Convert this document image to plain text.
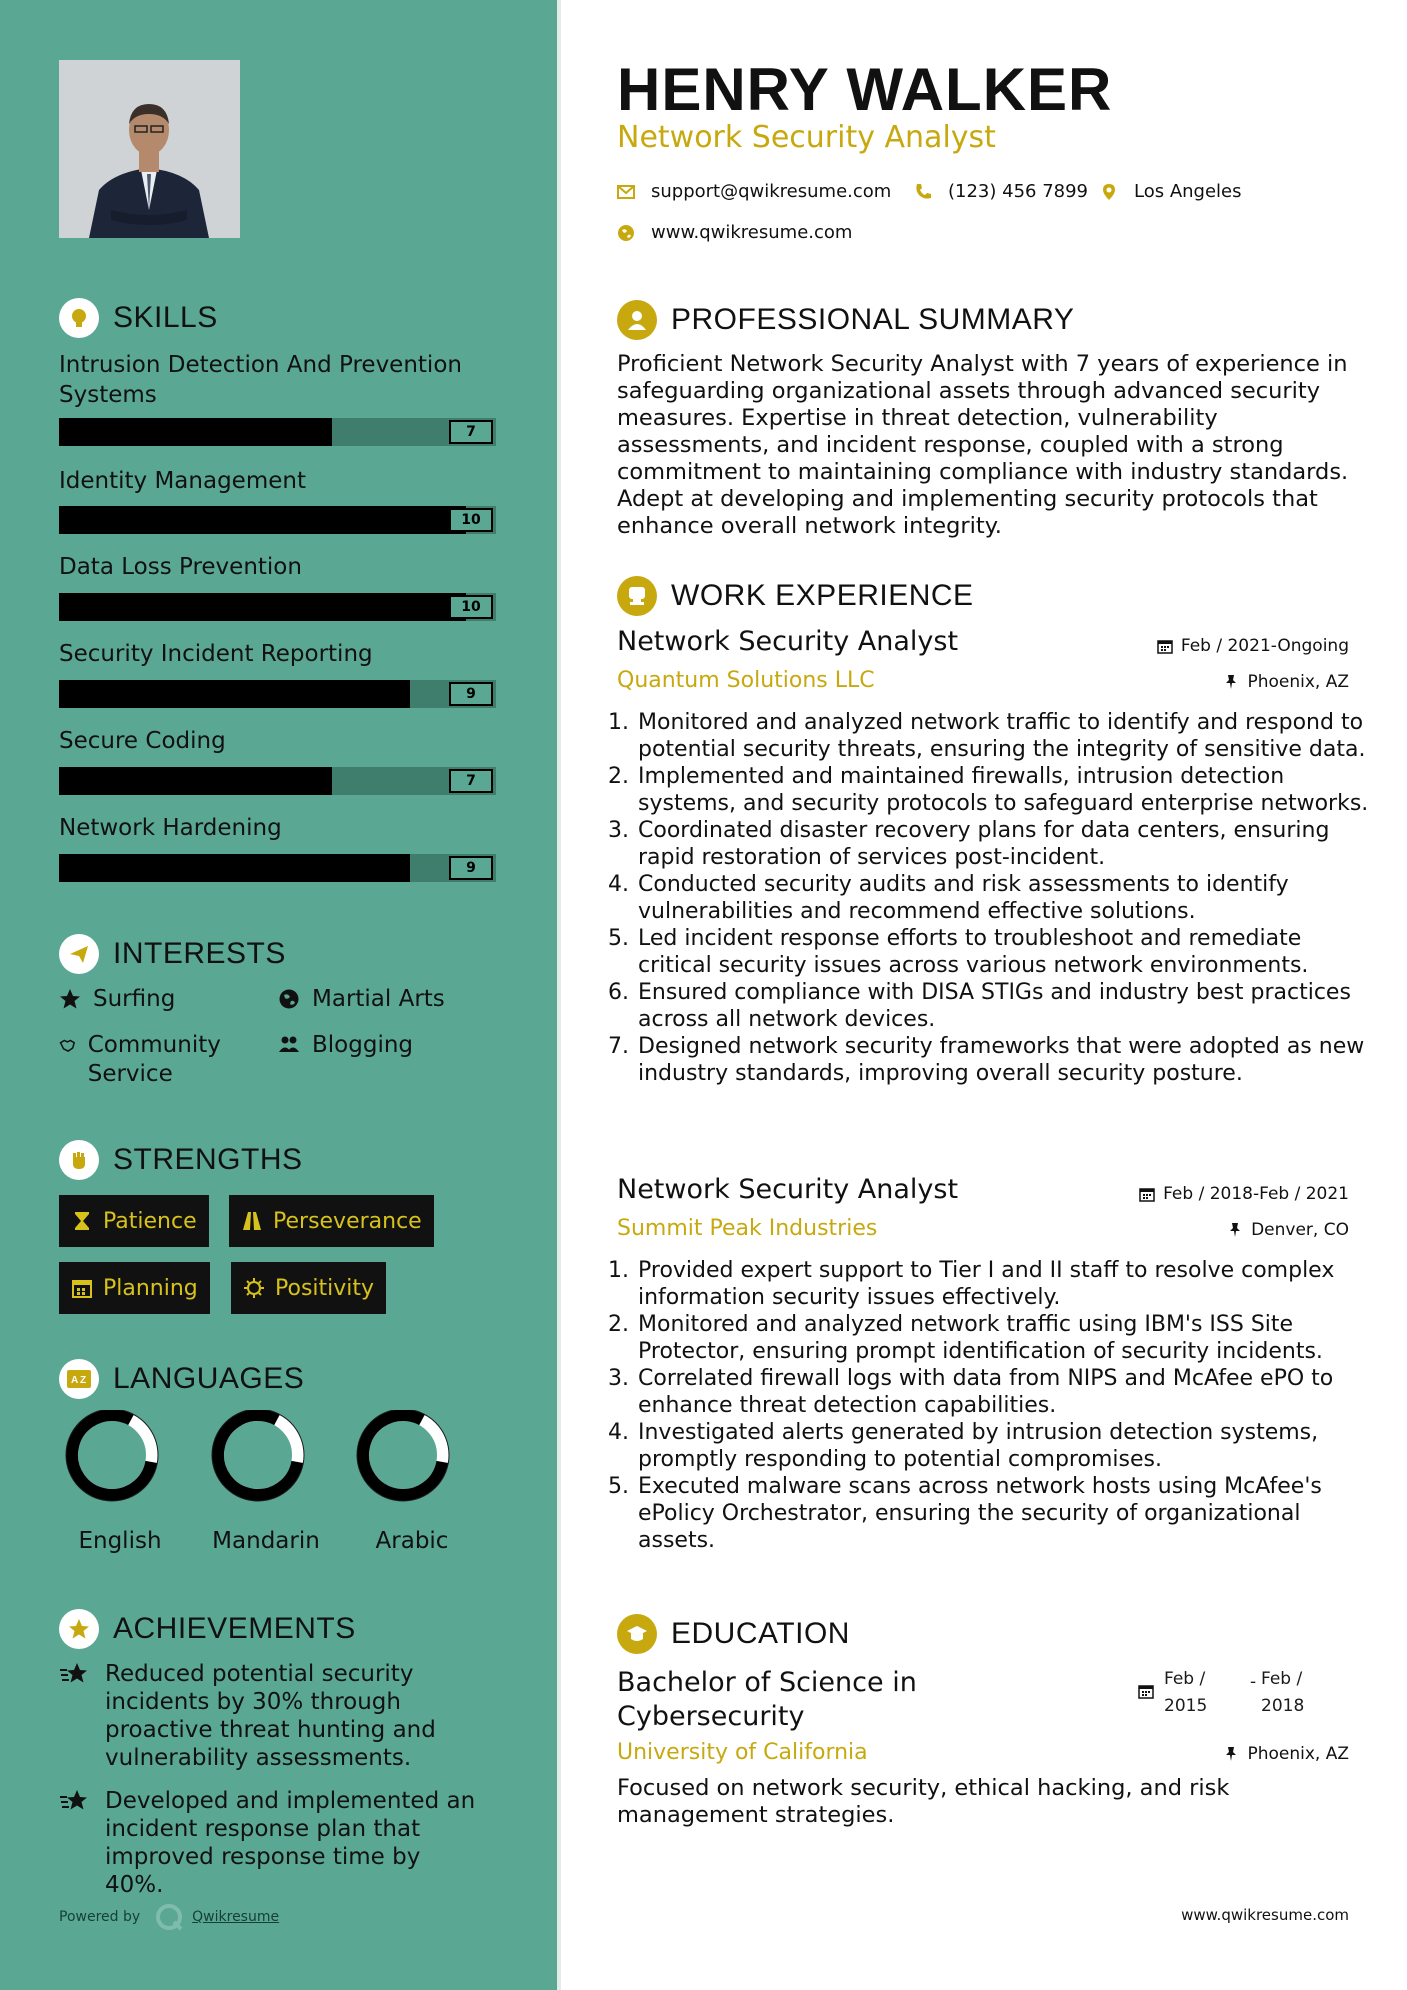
SKILLS
Intrusion Detection And Prevention Systems
7
Identity Management
10
Data Loss Prevention
10
Security Incident Reporting
9
Secure Coding
7
Network Hardening
9
INTERESTS
Surfing	Martial Arts
Community Service
Blogging
STRENGTHS
Patience	Perseverance
Planning	Positivity
A Z LANGUAGES
English	Mandarin	Arabic
ACHIEVEMENTS
Reduced potential security incidents by 30% through proactive threat hunting and vulnerability assessments.
Developed and implemented an incident response plan that improved response time by 40%.
Powered by	Qwikresume
HENRY WALKER
Network Security Analyst
support@qwikresume.com	(123) 456 7899	Los Angeles
www.qwikresume.com
PROFESSIONAL SUMMARY
Proficient Network Security Analyst with 7 years of experience in safeguarding organizational assets through advanced security measures. Expertise in threat detection, vulnerability assessments, and incident response, coupled with a strong commitment to maintaining compliance with industry standards. Adept at developing and implementing security protocols that enhance overall network integrity.
WORK EXPERIENCE
Network Security Analyst	Feb / 2021-Ongoing
Quantum Solutions LLC	Phoenix, AZ
1. Monitored and analyzed network traffic to identify and respond to potential security threats, ensuring the integrity of sensitive data.
2. Implemented and maintained firewalls, intrusion detection systems, and security protocols to safeguard enterprise networks.
3. Coordinated disaster recovery plans for data centers, ensuring rapid restoration of services post-incident.
4. Conducted security audits and risk assessments to identify vulnerabilities and recommend effective solutions.
5. Led incident response efforts to troubleshoot and remediate critical security issues across various network environments.
6. Ensured compliance with DISA STIGs and industry best practices across all network devices.
7. Designed network security frameworks that were adopted as new industry standards, improving overall security posture.
Network Security Analyst	Feb / 2018-Feb / 2021
Summit Peak Industries	Denver, CO
1. Provided expert support to Tier I and II staff to resolve complex information security issues effectively.
2. Monitored and analyzed network traffic using IBM's ISS Site Protector, ensuring prompt identification of security incidents.
3. Correlated firewall logs with data from NIPS and McAfee ePO to enhance threat detection capabilities.
4. Investigated alerts generated by intrusion detection systems, promptly responding to potential compromises.
5. Executed malware scans across network hosts using McAfee's ePolicy Orchestrator, ensuring the security of organizational assets.
EDUCATION
Bachelor of Science in Cybersecurity
Feb / 2015
- Feb / 2018
University of California	Phoenix, AZ
Focused on network security, ethical hacking, and risk management strategies.
www.qwikresume.com
